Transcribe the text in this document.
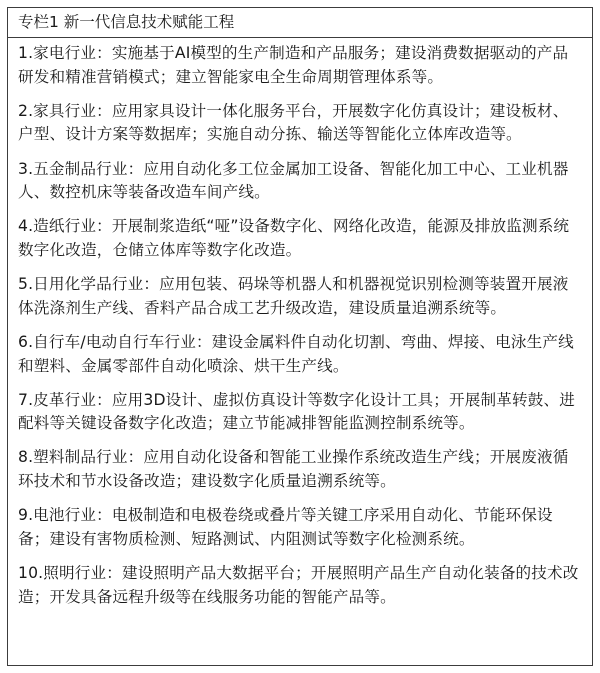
专栏1 新一代信息技术赋能工程

1.家电行业：实施基于AI模型的生产制造和产品服务；建设消费数据驱动的产品研发和精准营销模式；建立智能家电全生命周期管理体系等。

2.家具行业：应用家具设计一体化服务平台，开展数字化仿真设计；建设板材、户型、设计方案等数据库；实施自动分拣、输送等智能化立体库改造等。

3.五金制品行业：应用自动化多工位金属加工设备、智能化加工中心、工业机器人、数控机床等装备改造车间产线。

4.造纸行业：开展制浆造纸“哑”设备数字化、网络化改造，能源及排放监测系统数字化改造，仓储立体库等数字化改造。

5.日用化学品行业：应用包装、码垛等机器人和机器视觉识别检测等装置开展液体洗涤剂生产线、香料产品合成工艺升级改造，建设质量追溯系统等。

6.自行车/电动自行车行业：建设金属料件自动化切割、弯曲、焊接、电泳生产线和塑料、金属零部件自动化喷涂、烘干生产线。

7.皮革行业：应用3D设计、虚拟仿真设计等数字化设计工具；开展制革转鼓、进配料等关键设备数字化改造；建立节能减排智能监测控制系统等。

8.塑料制品行业：应用自动化设备和智能工业操作系统改造生产线；开展废液循环技术和节水设备改造；建设数字化质量追溯系统等。

9.电池行业：电极制造和电极卷绕或叠片等关键工序采用自动化、节能环保设备；建设有害物质检测、短路测试、内阻测试等数字化检测系统。

10.照明行业：建设照明产品大数据平台；开展照明产品生产自动化装备的技术改造；开发具备远程升级等在线服务功能的智能产品等。
